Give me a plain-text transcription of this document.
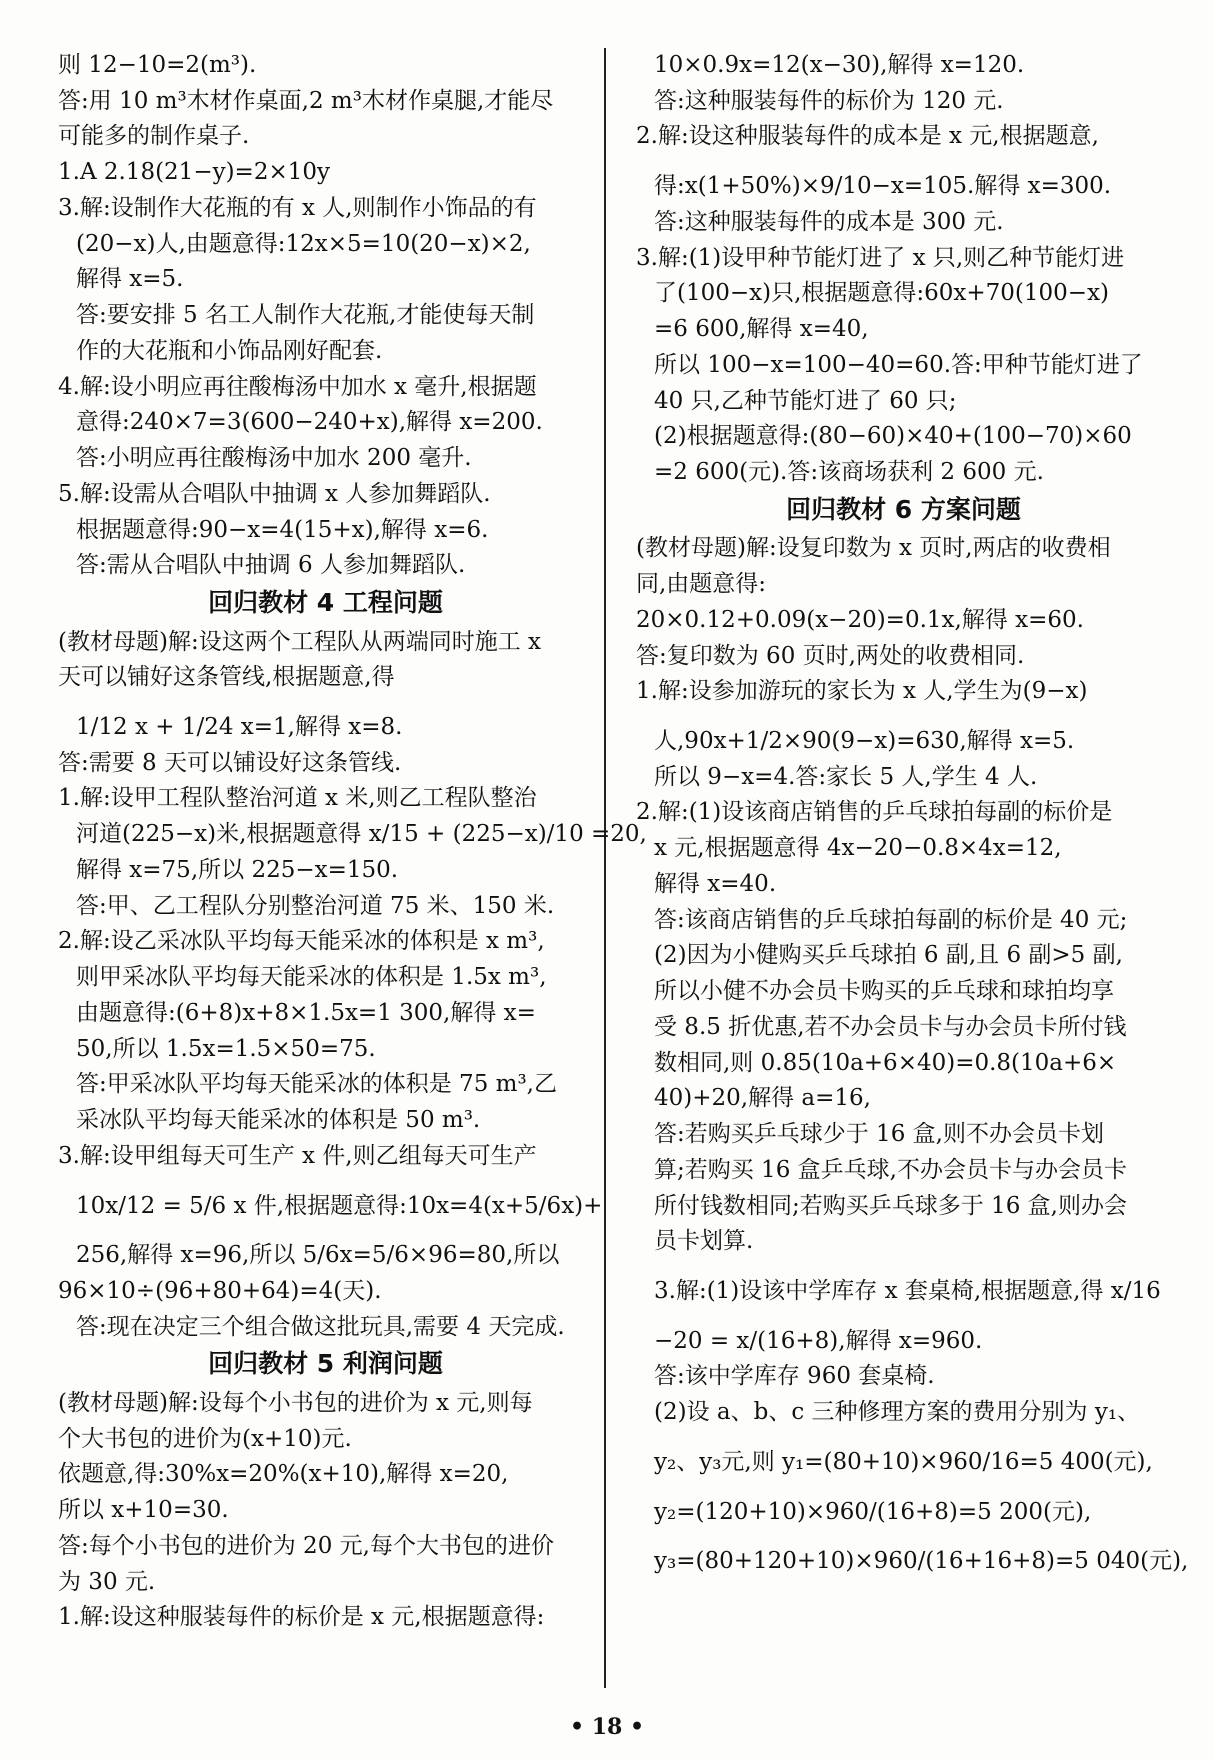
则 12−10=2(m³).
答:用 10 m³木材作桌面,2 m³木材作桌腿,才能尽
可能多的制作桌子.
1.A 2.18(21−y)=2×10y
3.解:设制作大花瓶的有 x 人,则制作小饰品的有
(20−x)人,由题意得:12x×5=10(20−x)×2,
解得 x=5.
答:要安排 5 名工人制作大花瓶,才能使每天制
作的大花瓶和小饰品刚好配套.
4.解:设小明应再往酸梅汤中加水 x 毫升,根据题
意得:240×7=3(600−240+x),解得 x=200.
答:小明应再往酸梅汤中加水 200 毫升.
5.解:设需从合唱队中抽调 x 人参加舞蹈队.
根据题意得:90−x=4(15+x),解得 x=6.
答:需从合唱队中抽调 6 人参加舞蹈队.
回归教材 4 工程问题
(教材母题)解:设这两个工程队从两端同时施工 x
天可以铺好这条管线,根据题意,得
1/12 x + 1/24 x=1,解得 x=8.
答:需要 8 天可以铺设好这条管线.
1.解:设甲工程队整治河道 x 米,则乙工程队整治
河道(225−x)米,根据题意得 x/15 + (225−x)/10 =20,
解得 x=75,所以 225−x=150.
答:甲、乙工程队分别整治河道 75 米、150 米.
2.解:设乙采冰队平均每天能采冰的体积是 x m³,
则甲采冰队平均每天能采冰的体积是 1.5x m³,
由题意得:(6+8)x+8×1.5x=1 300,解得 x=
50,所以 1.5x=1.5×50=75.
答:甲采冰队平均每天能采冰的体积是 75 m³,乙
采冰队平均每天能采冰的体积是 50 m³.
3.解:设甲组每天可生产 x 件,则乙组每天可生产
10x/12 = 5/6 x 件,根据题意得:10x=4(x+5/6x)+
256,解得 x=96,所以 5/6x=5/6×96=80,所以
96×10÷(96+80+64)=4(天).
答:现在决定三个组合做这批玩具,需要 4 天完成.
回归教材 5 利润问题
(教材母题)解:设每个小书包的进价为 x 元,则每
个大书包的进价为(x+10)元.
依题意,得:30%x=20%(x+10),解得 x=20,
所以 x+10=30.
答:每个小书包的进价为 20 元,每个大书包的进价
为 30 元.
1.解:设这种服装每件的标价是 x 元,根据题意得:
10×0.9x=12(x−30),解得 x=120.
答:这种服装每件的标价为 120 元.
2.解:设这种服装每件的成本是 x 元,根据题意,
得:x(1+50%)×9/10−x=105.解得 x=300.
答:这种服装每件的成本是 300 元.
3.解:(1)设甲种节能灯进了 x 只,则乙种节能灯进
了(100−x)只,根据题意得:60x+70(100−x)
=6 600,解得 x=40,
所以 100−x=100−40=60.答:甲种节能灯进了
40 只,乙种节能灯进了 60 只;
(2)根据题意得:(80−60)×40+(100−70)×60
=2 600(元).答:该商场获利 2 600 元.
回归教材 6 方案问题
(教材母题)解:设复印数为 x 页时,两店的收费相
同,由题意得:
20×0.12+0.09(x−20)=0.1x,解得 x=60.
答:复印数为 60 页时,两处的收费相同.
1.解:设参加游玩的家长为 x 人,学生为(9−x)
人,90x+1/2×90(9−x)=630,解得 x=5.
所以 9−x=4.答:家长 5 人,学生 4 人.
2.解:(1)设该商店销售的乒乓球拍每副的标价是
x 元,根据题意得 4x−20−0.8×4x=12,
解得 x=40.
答:该商店销售的乒乓球拍每副的标价是 40 元;
(2)因为小健购买乒乓球拍 6 副,且 6 副>5 副,
所以小健不办会员卡购买的乒乓球和球拍均享
受 8.5 折优惠,若不办会员卡与办会员卡所付钱
数相同,则 0.85(10a+6×40)=0.8(10a+6×
40)+20,解得 a=16,
答:若购买乒乓球少于 16 盒,则不办会员卡划
算;若购买 16 盒乒乓球,不办会员卡与办会员卡
所付钱数相同;若购买乒乓球多于 16 盒,则办会
员卡划算.
3.解:(1)设该中学库存 x 套桌椅,根据题意,得 x/16
−20 = x/(16+8),解得 x=960.
答:该中学库存 960 套桌椅.
(2)设 a、b、c 三种修理方案的费用分别为 y₁、
y₂、y₃元,则 y₁=(80+10)×960/16=5 400(元),
y₂=(120+10)×960/(16+8)=5 200(元),
y₃=(80+120+10)×960/(16+16+8)=5 040(元),
• 18 •
